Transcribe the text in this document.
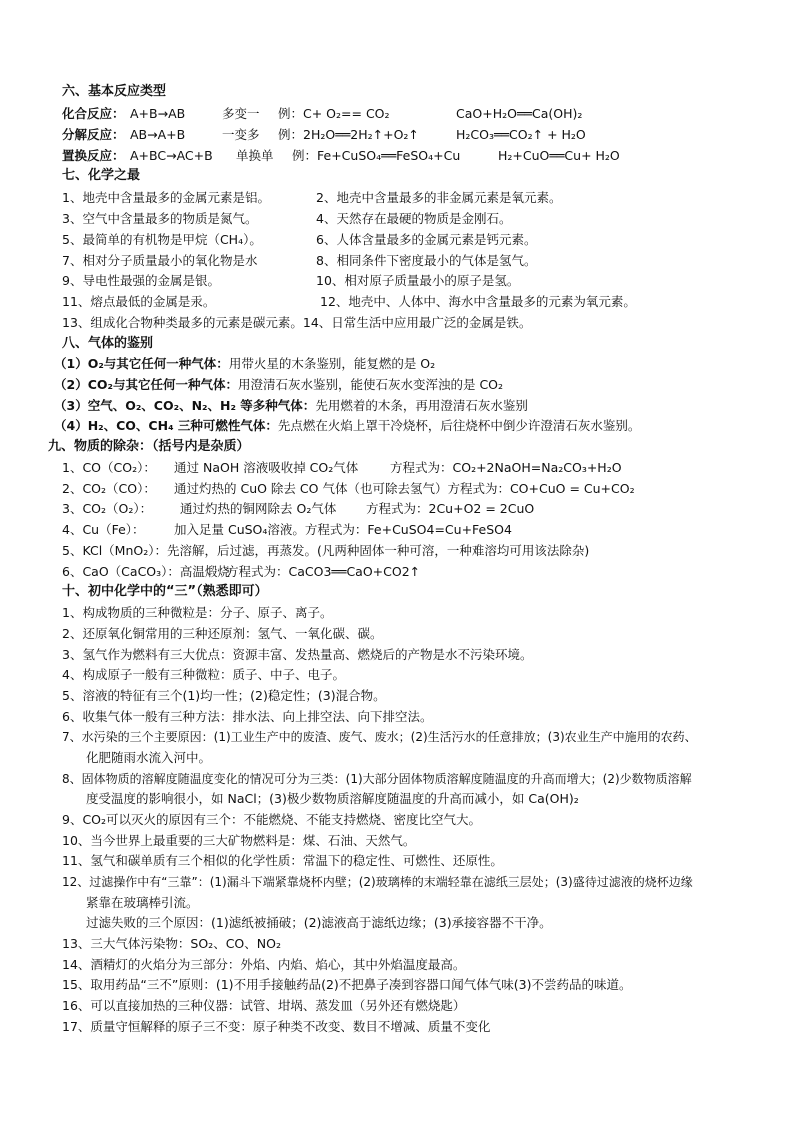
六、基本反应类型
化合反应： A+B→AB	多变一 例：C+ O₂== CO₂	CaO+H₂O══Ca(OH)₂
分解反应： AB→A+B	一变多 例：2H₂O══2H₂↑+O₂↑	H₂CO₃══CO₂↑ + H₂O
置换反应： A+BC→AC+B 单换单 例：Fe+CuSO₄══FeSO₄+Cu	H₂+CuO══Cu+ H₂O
七、化学之最
1、地壳中含量最多的金属元素是铝。	2、地壳中含量最多的非金属元素是氧元素。
3、空气中含量最多的物质是氮气。	4、天然存在最硬的物质是金刚石。
5、最简单的有机物是甲烷（CH₄）。	6、人体含量最多的金属元素是钙元素。
7、相对分子质量最小的氧化物是水	8、相同条件下密度最小的气体是氢气。
9、导电性最强的金属是银。	10、相对原子质量最小的原子是氢。
11、熔点最低的金属是汞。	12、地壳中、人体中、海水中含量最多的元素为氧元素。
13、组成化合物种类最多的元素是碳元素。14、日常生活中应用最广泛的金属是铁。
八、气体的鉴别
（1）O₂与其它任何一种气体：用带火星的木条鉴别，能复燃的是 O₂
（2）CO₂与其它任何一种气体：用澄清石灰水鉴别，能使石灰水变浑浊的是 CO₂
（3）空气、O₂、CO₂、N₂、H₂ 等多种气体：先用燃着的木条，再用澄清石灰水鉴别
（4）H₂、CO、CH₄ 三种可燃性气体：先点燃在火焰上罩干冷烧杯，后往烧杯中倒少许澄清石灰水鉴别。
九、物质的除杂：（括号内是杂质）
1、CO（CO₂）： 通过 NaOH 溶液吸收掉 CO₂气体	方程式为：CO₂+2NaOH=Na₂CO₃+H₂O
2、CO₂（CO）： 通过灼热的 CuO 除去 CO 气体（也可除去氢气）方程式为：CO+CuO = Cu+CO₂
3、CO₂（O₂）： 通过灼热的铜网除去 O₂气体 方程式为：2Cu+O2 = 2CuO
4、Cu（Fe）： 加入足量 CuSO₄溶液。方程式为：Fe+CuSO4=Cu+FeSO4
5、KCl（MnO₂）：先溶解，后过滤，再蒸发。(凡两种固体一种可溶，一种难溶均可用该法除杂)
6、CaO（CaCO₃）：高温煅烧
方程式为：CaCO3══CaO+CO2↑
十、初中化学中的“三”（熟悉即可）
1、构成物质的三种微粒是：分子、原子、离子。
2、还原氧化铜常用的三种还原剂：氢气、一氧化碳、碳。
3、氢气作为燃料有三大优点：资源丰富、发热量高、燃烧后的产物是水不污染环境。
4、构成原子一般有三种微粒：质子、中子、电子。
5、溶液的特征有三个(1)均一性；(2)稳定性；(3)混合物。
6、收集气体一般有三种方法：排水法、向上排空法、向下排空法。
7、水污染的三个主要原因：(1)工业生产中的废渣、废气、废水；(2)生活污水的任意排放；(3)农业生产中施用的农药、
化肥随雨水流入河中。
8、固体物质的溶解度随温度变化的情况可分为三类：(1)大部分固体物质溶解度随温度的升高而增大；(2)少数物质溶解
度受温度的影响很小，如 NaCl；(3)极少数物质溶解度随温度的升高而减小，如 Ca(OH)₂
9、CO₂可以灭火的原因有三个：不能燃烧、不能支持燃烧、密度比空气大。
10、当今世界上最重要的三大矿物燃料是：煤、石油、天然气。
11、氢气和碳单质有三个相似的化学性质：常温下的稳定性、可燃性、还原性。
12、过滤操作中有“三靠”：(1)漏斗下端紧靠烧杯内壁；(2)玻璃棒的末端轻靠在滤纸三层处；(3)盛待过滤液的烧杯边缘
紧靠在玻璃棒引流。
过滤失败的三个原因：(1)滤纸被捅破；(2)滤液高于滤纸边缘；(3)承接容器不干净。
13、三大气体污染物：SO₂、CO、NO₂
14、酒精灯的火焰分为三部分：外焰、内焰、焰心，其中外焰温度最高。
15、取用药品“三不”原则：(1)不用手接触药品(2)不把鼻子凑到容器口闻气体气味(3)不尝药品的味道。
16、可以直接加热的三种仪器：试管、坩埚、蒸发皿（另外还有燃烧匙）
17、质量守恒解释的原子三不变：原子种类不改变、数目不增减、质量不变化
